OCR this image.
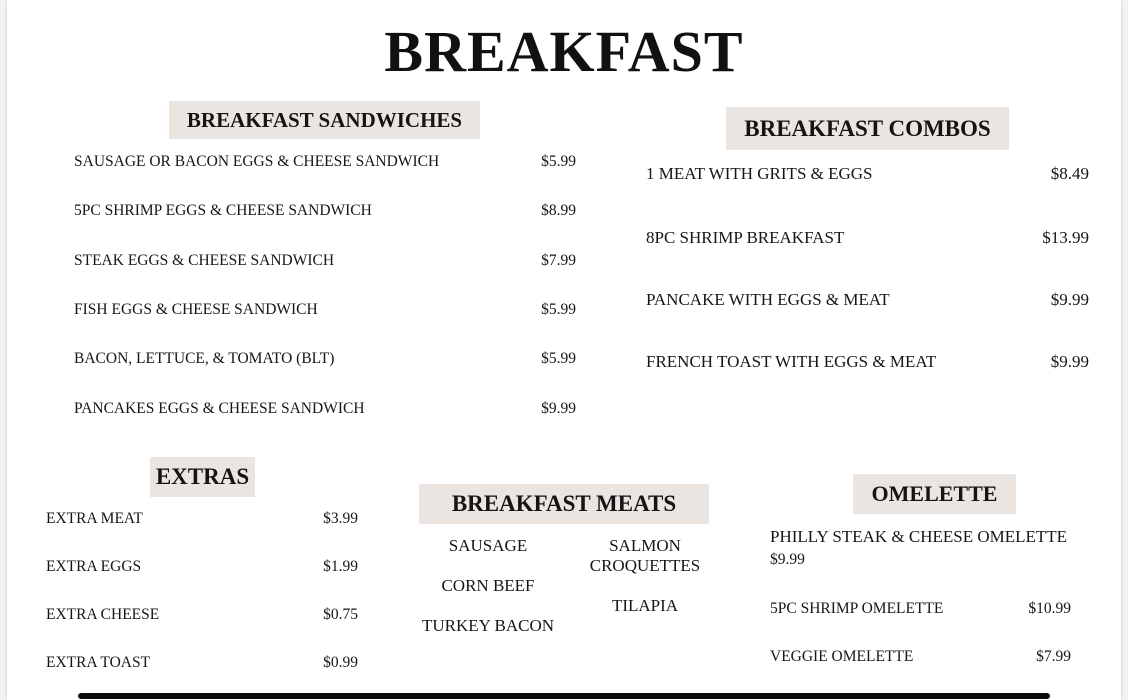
BREAKFAST
BREAKFAST SANDWICHES
SAUSAGE OR BACON EGGS & CHEESE SANDWICH	$5.99
5PC SHRIMP EGGS & CHEESE SANDWICH	$8.99
STEAK EGGS & CHEESE SANDWICH	$7.99
FISH EGGS & CHEESE SANDWICH	$5.99
BACON, LETTUCE, & TOMATO (BLT)	$5.99
PANCAKES EGGS & CHEESE SANDWICH	$9.99
BREAKFAST COMBOS
1 MEAT WITH GRITS & EGGS	$8.49
8PC SHRIMP BREAKFAST	$13.99
PANCAKE WITH EGGS & MEAT	$9.99
FRENCH TOAST WITH EGGS & MEAT	$9.99
EXTRAS
EXTRA MEAT	$3.99
EXTRA EGGS	$1.99
EXTRA CHEESE	$0.75
EXTRA TOAST	$0.99
BREAKFAST MEATS
SAUSAGE
CORN BEEF
TURKEY BACON
SALMON
CROQUETTES
TILAPIA
OMELETTE
PHILLY STEAK & CHEESE OMELETTE
$9.99
5PC SHRIMP OMELETTE	$10.99
VEGGIE OMELETTE	$7.99
